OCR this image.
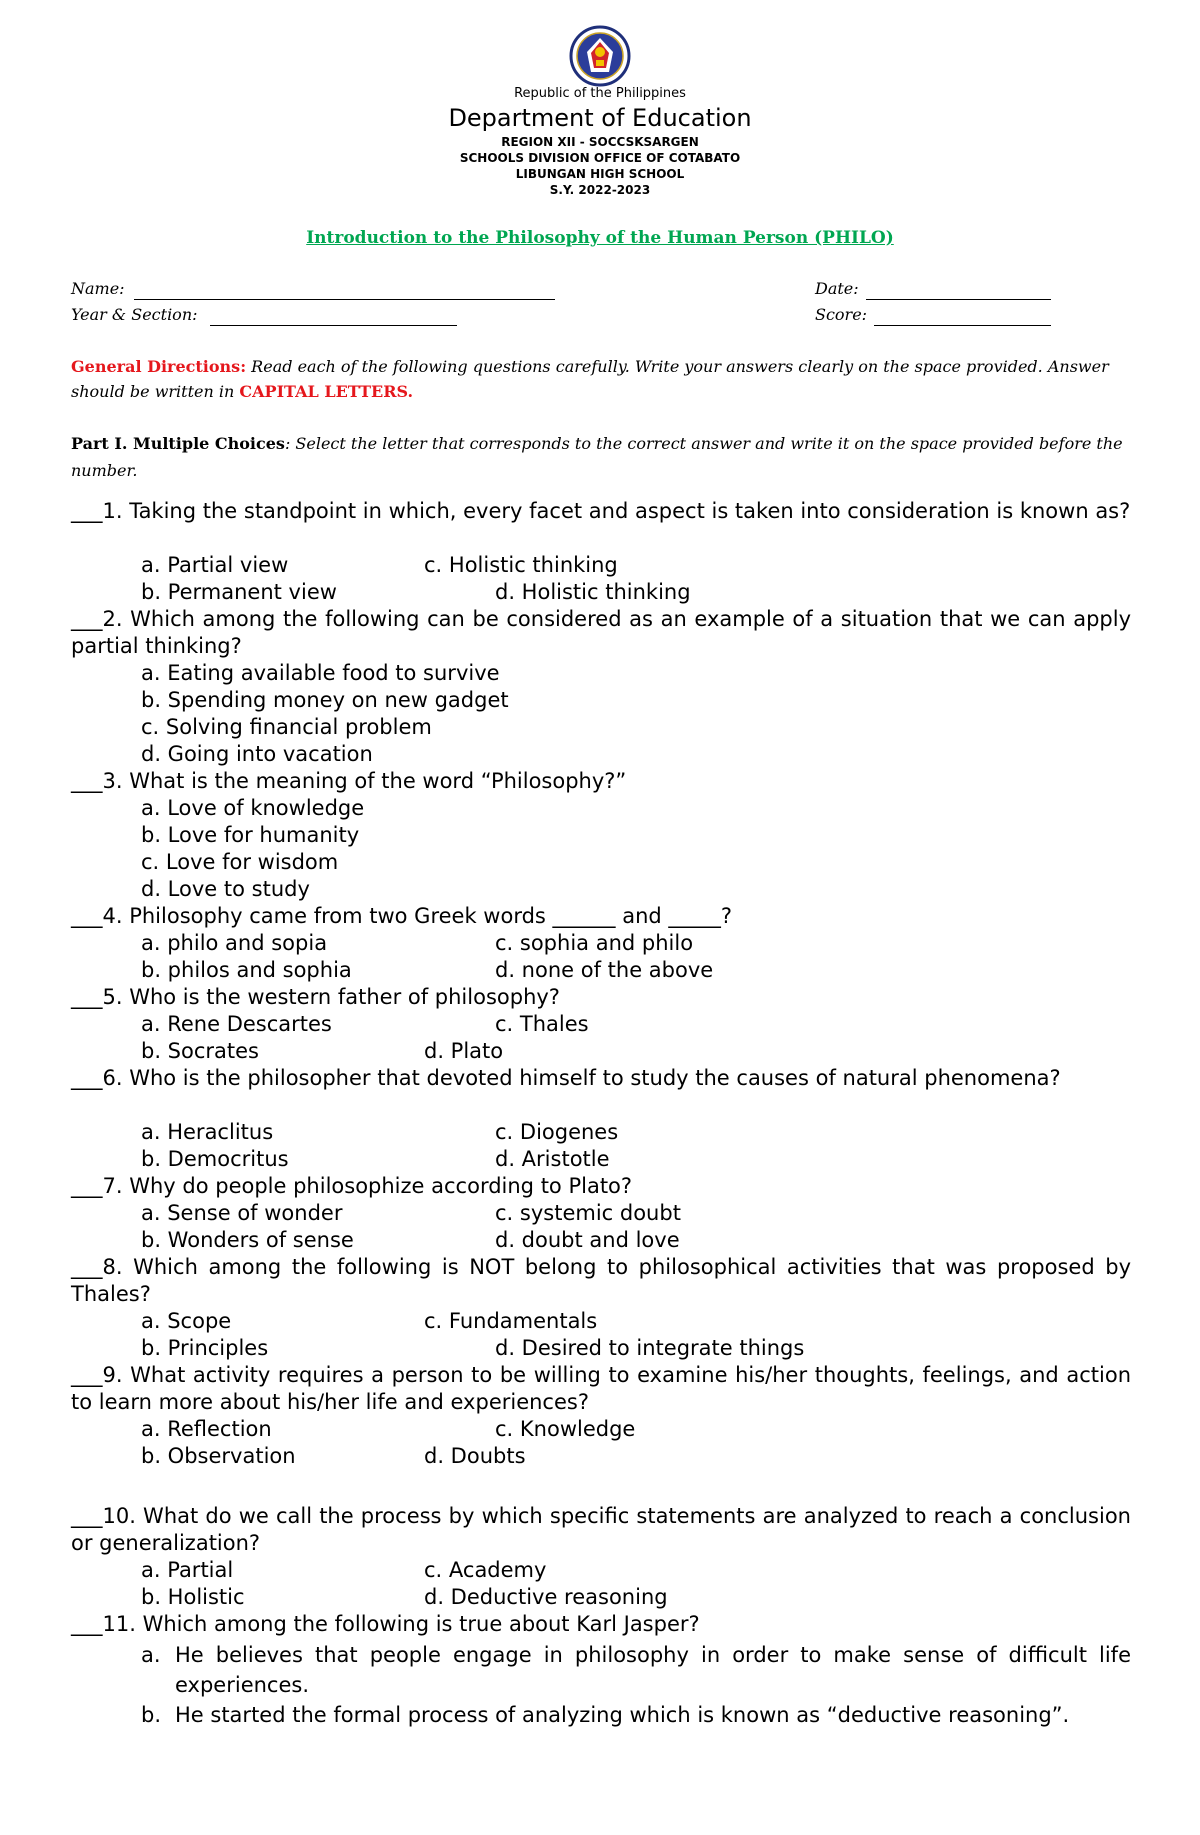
Republic of the Philippines
Department of Education
REGION XII - SOCCSKSARGEN
SCHOOLS DIVISION OFFICE OF COTABATO
LIBUNGAN HIGH SCHOOL
S.Y. 2022-2023
Introduction to the Philosophy of the Human Person (PHILO)
Name:	Date:
Year & Section:	Score:
General Directions: Read each of the following questions carefully. Write your answers clearly on the space provided. Answer should be written in CAPITAL LETTERS.
Part I. Multiple Choices: Select the letter that corresponds to the correct answer and write it on the space provided before the number.
___1. Taking the standpoint in which, every facet and aspect is taken into consideration is known as?
a. Partial view	c. Holistic thinking
b. Permanent view	d. Holistic thinking
___2. Which among the following can be considered as an example of a situation that we can apply partial thinking?
a. Eating available food to survive
b. Spending money on new gadget
c. Solving financial problem
d. Going into vacation
___3. What is the meaning of the word “Philosophy?”
a. Love of knowledge
b. Love for humanity
c. Love for wisdom
d. Love to study
___4. Philosophy came from two Greek words ______ and _____?
a. philo and sopia	c. sophia and philo
b. philos and sophia	d. none of the above
___5. Who is the western father of philosophy?
a. Rene Descartes	c. Thales
b. Socrates	d. Plato
___6. Who is the philosopher that devoted himself to study the causes of natural phenomena?
a. Heraclitus	c. Diogenes
b. Democritus	d. Aristotle
___7. Why do people philosophize according to Plato?
a. Sense of wonder	c. systemic doubt
b. Wonders of sense	d. doubt and love
___8. Which among the following is NOT belong to philosophical activities that was proposed by Thales?
a. Scope	c. Fundamentals
b. Principles	d. Desired to integrate things
___9. What activity requires a person to be willing to examine his/her thoughts, feelings, and action to learn more about his/her life and experiences?
a. Reflection	c. Knowledge
b. Observation	d. Doubts
___10. What do we call the process by which specific statements are analyzed to reach a conclusion or generalization?
a. Partial	c. Academy
b. Holistic	d. Deductive reasoning
___11. Which among the following is true about Karl Jasper?
a. He believes that people engage in philosophy in order to make sense of difficult life experiences.
b. He started the formal process of analyzing which is known as “deductive reasoning”.
